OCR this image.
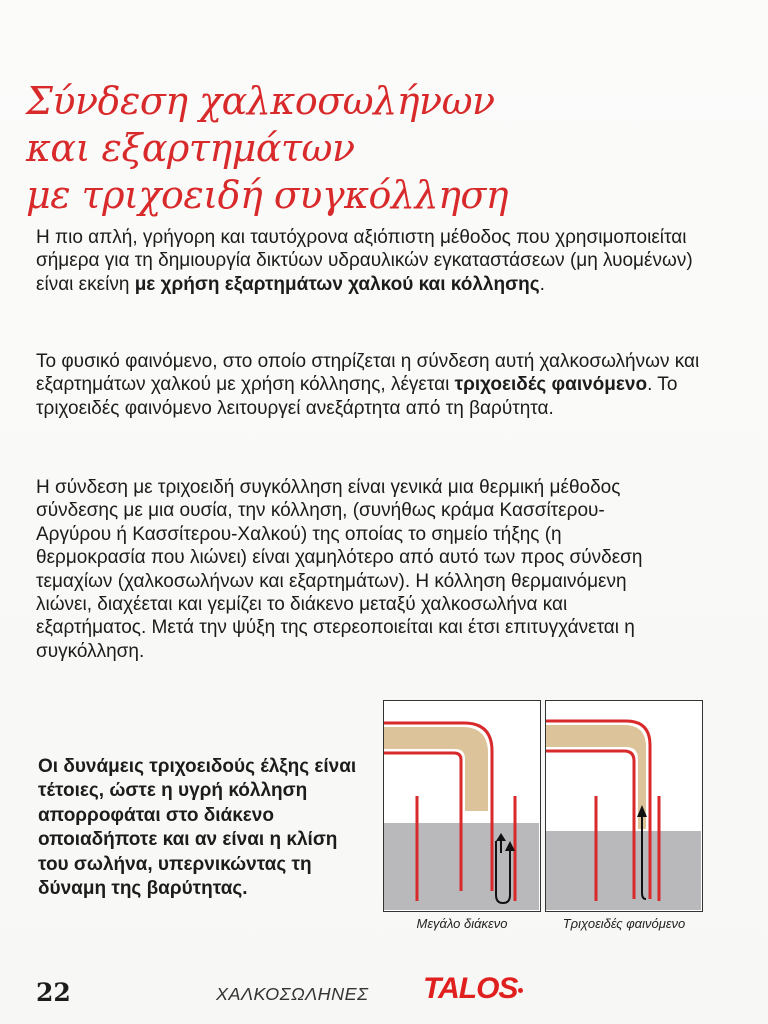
Σύνδεση χαλκοσωλήνων
και εξαρτημάτων
με τριχοειδή συγκόλληση

Η πιο απλή, γρήγορη και ταυτόχρονα αξιόπιστη μέθοδος που χρησιμοποιείται σήμερα για τη δημιουργία δικτύων υδραυλικών εγκαταστάσεων (μη λυομένων) είναι εκείνη με χρήση εξαρτημάτων χαλκού και κόλλησης.

Το φυσικό φαινόμενο, στο οποίο στηρίζεται η σύνδεση αυτή χαλκοσωλήνων και εξαρτημάτων χαλκού με χρήση κόλλησης, λέγεται τριχοειδές φαινόμενο. Το τριχοειδές φαινόμενο λειτουργεί ανεξάρτητα από τη βαρύτητα.

Η σύνδεση με τριχοειδή συγκόλληση είναι γενικά μια θερμική μέθοδος σύνδεσης με μια ουσία, την κόλληση, (συνήθως κράμα Κασσίτερου-Αργύρου ή Κασσίτερου-Χαλκού) της οποίας το σημείο τήξης (η θερμοκρασία που λιώνει) είναι χαμηλότερο από αυτό των προς σύνδεση τεμαχίων (χαλκοσωλήνων και εξαρτημάτων). Η κόλληση θερμαινόμενη λιώνει, διαχέεται και γεμίζει το διάκενο μεταξύ χαλκοσωλήνα και εξαρτήματος. Μετά την ψύξη της στερεοποιείται και έτσι επιτυγχάνεται η συγκόλληση.

Οι δυνάμεις τριχοειδούς έλξης είναι τέτοιες, ώστε η υγρή κόλληση απορροφάται στο διάκενο οποιαδήποτε και αν είναι η κλίση του σωλήνα, υπερνικώντας τη δύναμη της βαρύτητας.

Μεγάλο διάκενο	Τριχοειδές φαινόμενο
22	ΧΑΛΚΟΣΩΛΗΝΕΣ TALOS
